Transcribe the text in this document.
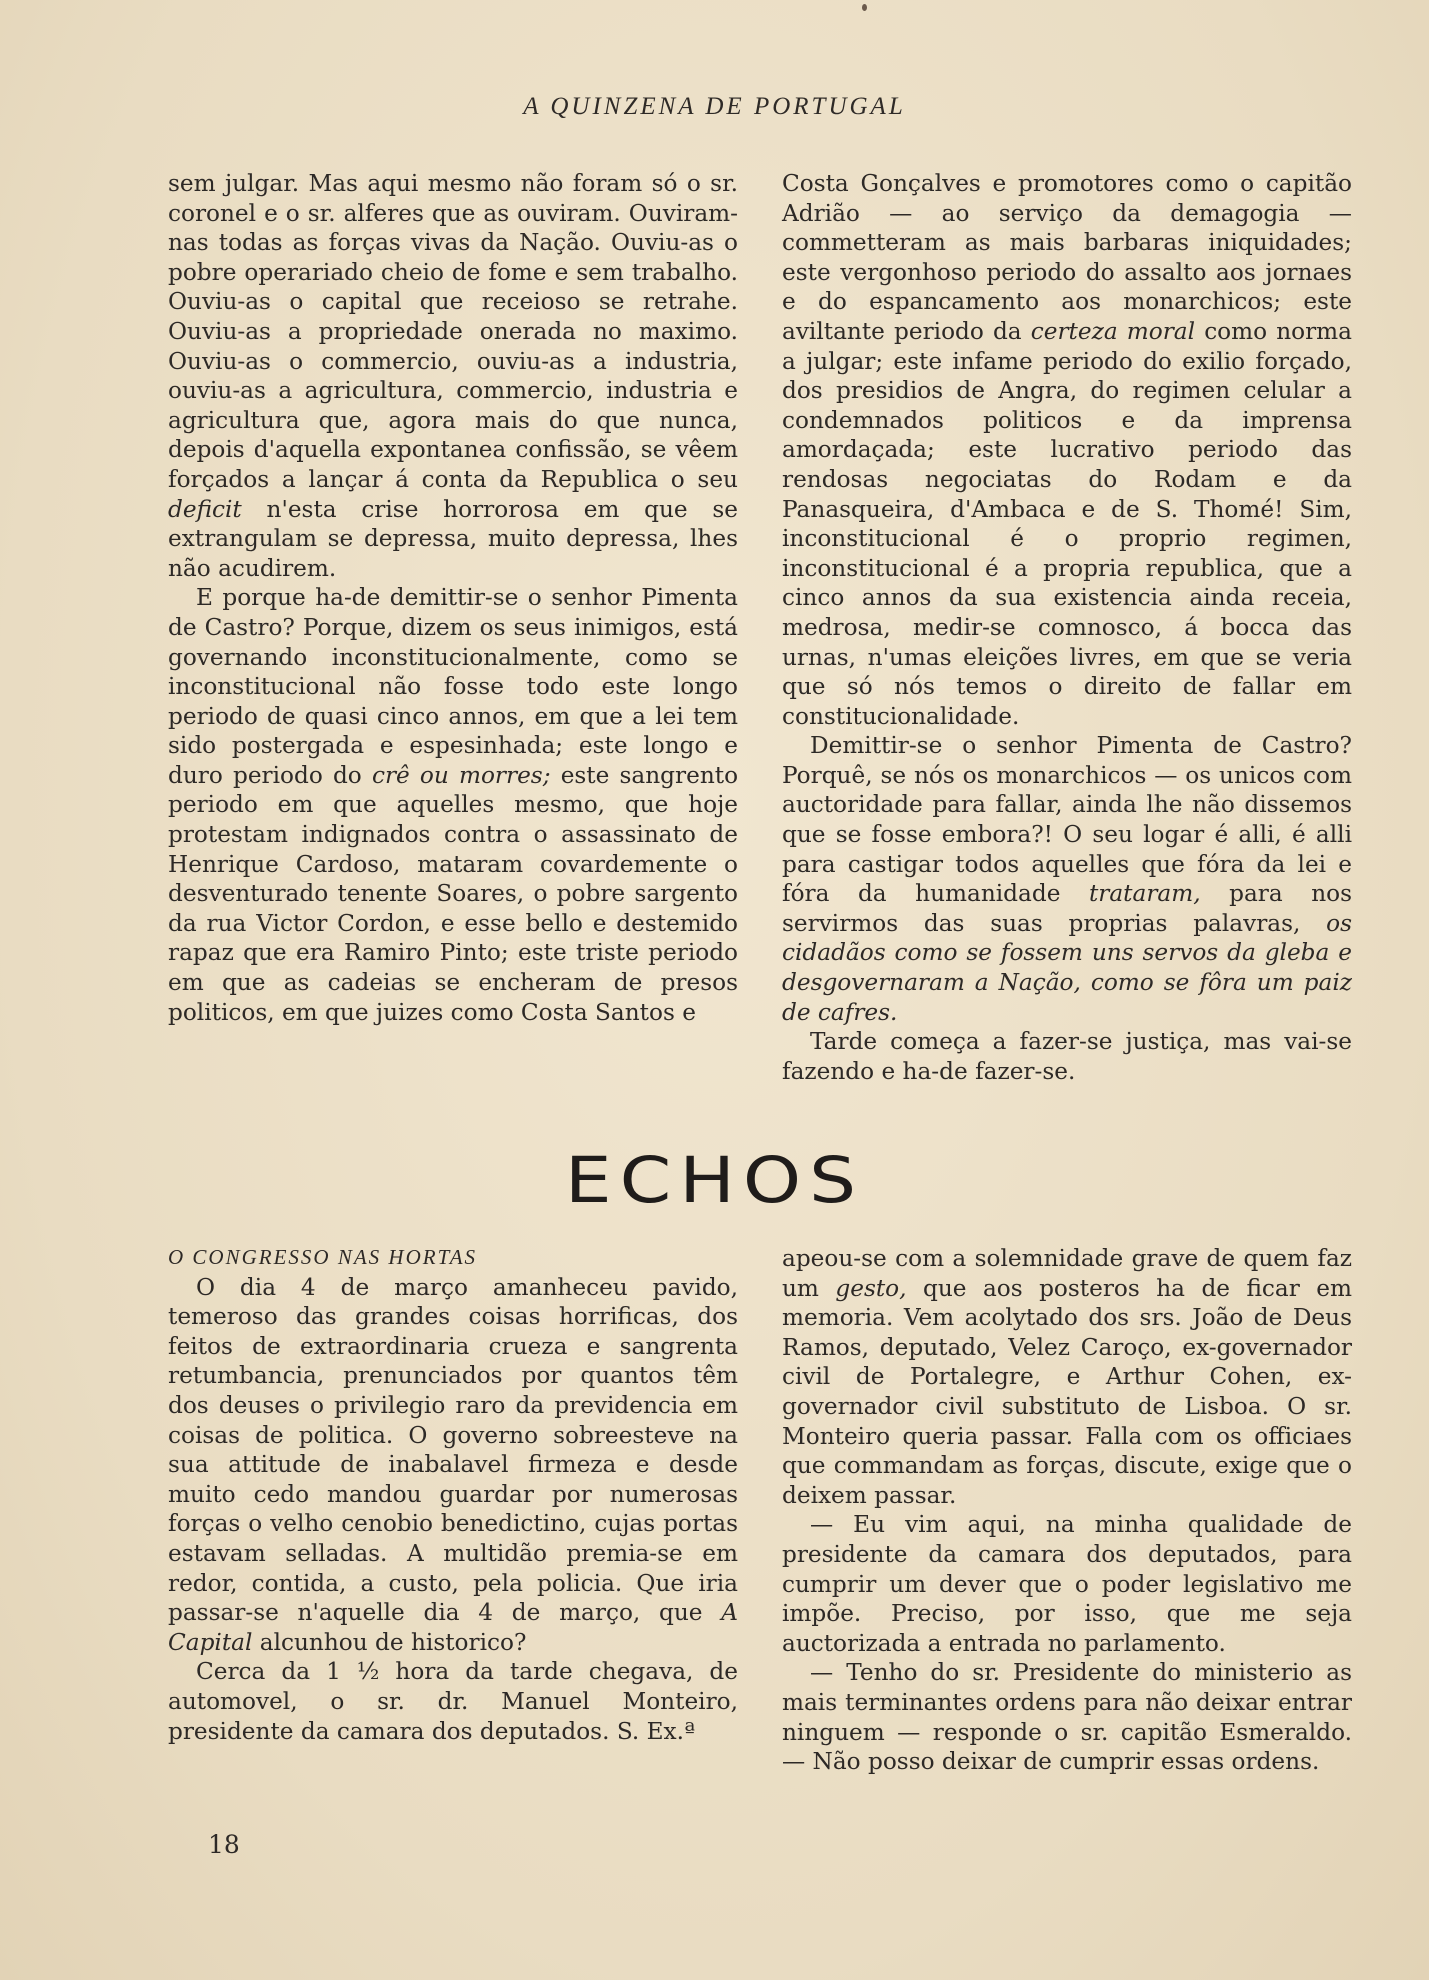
A QUINZENA DE PORTUGAL

sem julgar. Mas aqui mesmo não foram só o sr. coronel e o sr. alferes que as ouviram. Ouviram-nas todas as forças vivas da Nação. Ouviu-as o pobre operariado cheio de fome e sem trabalho. Ouviu-as o capital que receioso se retrahe. Ouviu-as a propriedade onerada no maximo. Ouviu-as o commercio, ouviu-as a industria, ouviu-as a agricultura, commercio, industria e agricultura que, agora mais do que nunca, depois d'aquella expontanea confissão, se vêem forçados a lançar á conta da Republica o seu deficit n'esta crise horrorosa em que se extrangulam se depressa, muito depressa, lhes não acudirem.

E porque ha-de demittir-se o senhor Pimenta de Castro? Porque, dizem os seus inimigos, está governando inconstitucionalmente, como se inconstitucional não fosse todo este longo periodo de quasi cinco annos, em que a lei tem sido postergada e espesinhada; este longo e duro periodo do crê ou morres; este sangrento periodo em que aquelles mesmo, que hoje protestam indignados contra o assassinato de Henrique Cardoso, mataram covardemente o desventurado tenente Soares, o pobre sargento da rua Victor Cordon, e esse bello e destemido rapaz que era Ramiro Pinto; este triste periodo em que as cadeias se encheram de presos politicos, em que juizes como Costa Santos e

Costa Gonçalves e promotores como o capitão Adrião — ao serviço da demagogia — commetteram as mais barbaras iniquidades; este vergonhoso periodo do assalto aos jornaes e do espancamento aos monarchicos; este aviltante periodo da certeza moral como norma a julgar; este infame periodo do exilio forçado, dos presidios de Angra, do regimen celular a condemnados politicos e da imprensa amordaçada; este lucrativo periodo das rendosas negociatas do Rodam e da Panasqueira, d'Ambaca e de S. Thomé! Sim, inconstitucional é o proprio regimen, inconstitucional é a propria republica, que a cinco annos da sua existencia ainda receia, medrosa, medir-se comnosco, á bocca das urnas, n'umas eleições livres, em que se veria que só nós temos o direito de fallar em constitucionalidade.

Demittir-se o senhor Pimenta de Castro? Porquê, se nós os monarchicos — os unicos com auctoridade para fallar, ainda lhe não dissemos que se fosse embora?! O seu logar é alli, é alli para castigar todos aquelles que fóra da lei e fóra da humanidade trataram, para nos servirmos das suas proprias palavras, os cidadãos como se fossem uns servos da gleba e desgovernaram a Nação, como se fôra um paiz de cafres.

Tarde começa a fazer-se justiça, mas vai-se fazendo e ha-de fazer-se.

ECHOS

O CONGRESSO NAS HORTAS

O dia 4 de março amanheceu pavido, temeroso das grandes coisas horrificas, dos feitos de extraordinaria crueza e sangrenta retumbancia, prenunciados por quantos têm dos deuses o privilegio raro da previdencia em coisas de politica. O governo sobreesteve na sua attitude de inabalavel firmeza e desde muito cedo mandou guardar por numerosas forças o velho cenobio benedictino, cujas portas estavam selladas. A multidão premia-se em redor, contida, a custo, pela policia. Que iria passar-se n'aquelle dia 4 de março, que A Capital alcunhou de historico?

Cerca da 1 ½ hora da tarde chegava, de automovel, o sr. dr. Manuel Monteiro, presidente da camara dos deputados. S. Ex.ª

apeou-se com a solemnidade grave de quem faz um gesto, que aos posteros ha de ficar em memoria. Vem acolytado dos srs. João de Deus Ramos, deputado, Velez Caroço, ex-governador civil de Portalegre, e Arthur Cohen, ex-governador civil substituto de Lisboa. O sr. Monteiro queria passar. Falla com os officiaes que commandam as forças, discute, exige que o deixem passar.

— Eu vim aqui, na minha qualidade de presidente da camara dos deputados, para cumprir um dever que o poder legislativo me impõe. Preciso, por isso, que me seja auctorizada a entrada no parlamento.

— Tenho do sr. Presidente do ministerio as mais terminantes ordens para não deixar entrar ninguem — responde o sr. capitão Esmeraldo. — Não posso deixar de cumprir essas ordens.

18
